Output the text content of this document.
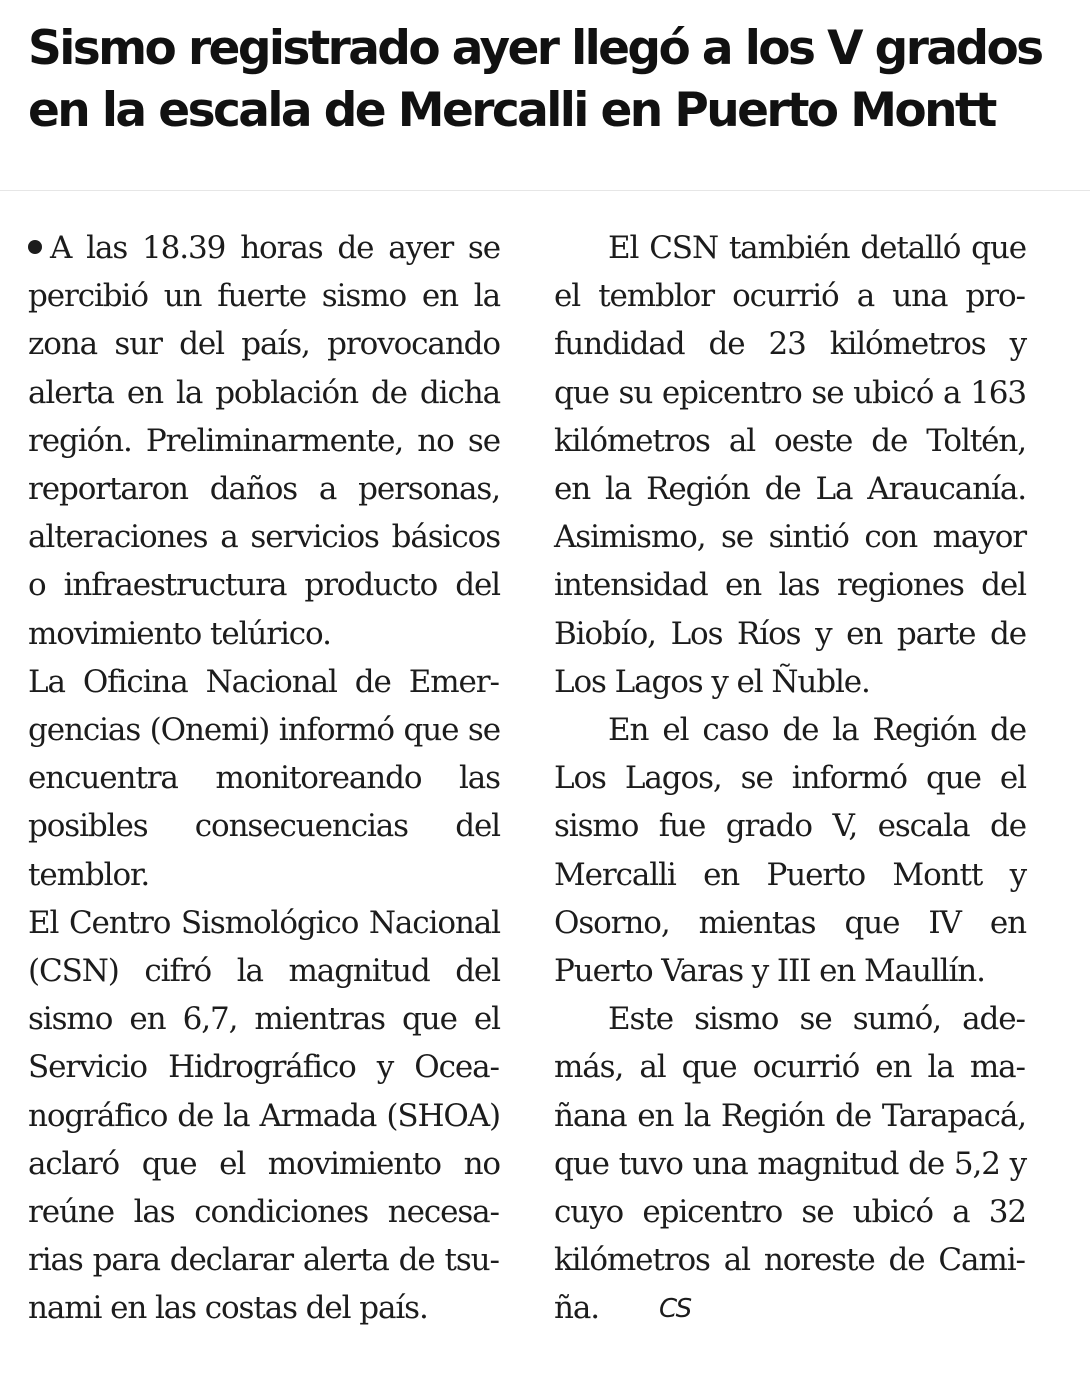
Sismo registrado ayer llegó a los V grados
en la escala de Mercalli en Puerto Montt

A las 18.39 horas de ayer se percibió un fuerte sismo en la zona sur del país, provocando alerta en la población de dicha región. Preliminarmente, no se reportaron daños a personas, alteraciones a servicios básicos o infraestructura producto del movimiento telúrico.

La Oficina Nacional de Emergencias (Onemi) informó que se encuentra monitoreando las posibles consecuencias del temblor.

El Centro Sismológico Nacional (CSN) cifró la magnitud del sismo en 6,7, mientras que el Servicio Hidrográfico y Oceanográfico de la Armada (SHOA) aclaró que el movimiento no reúne las condiciones necesarias para declarar alerta de tsunami en las costas del país.

El CSN también detalló que el temblor ocurrió a una profundidad de 23 kilómetros y que su epicentro se ubicó a 163 kilómetros al oeste de Toltén, en la Región de La Araucanía. Asimismo, se sintió con mayor intensidad en las regiones del Biobío, Los Ríos y en parte de Los Lagos y el Ñuble.

En el caso de la Región de Los Lagos, se informó que el sismo fue grado V, escala de Mercalli en Puerto Montt y Osorno, mientas que IV en Puerto Varas y III en Maullín.

Este sismo se sumó, además, al que ocurrió en la mañana en la Región de Tarapacá, que tuvo una magnitud de 5,2 y cuyo epicentro se ubicó a 32 kilómetros al noreste de Camiña. CS
